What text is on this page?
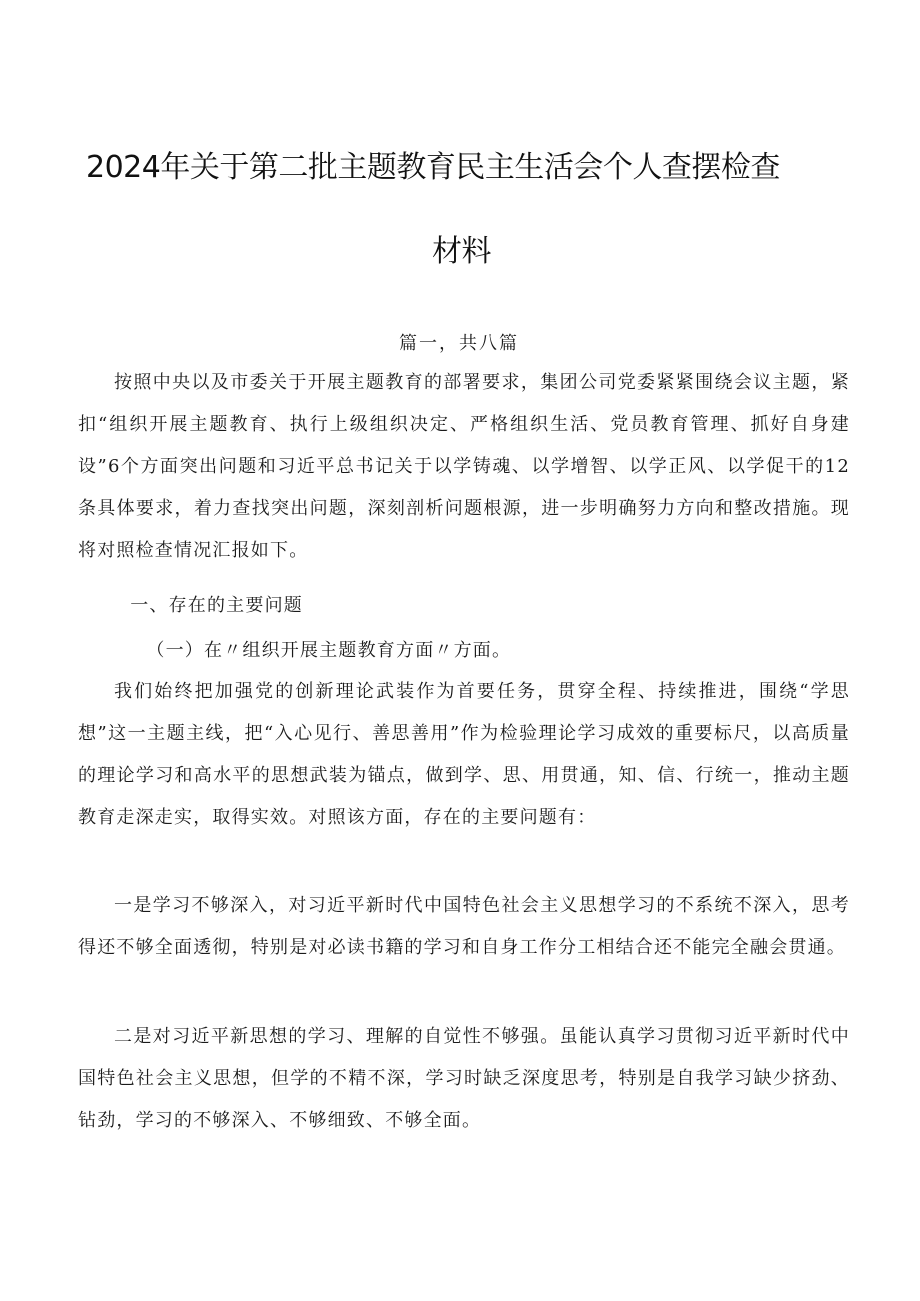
2024年关于第二批主题教育民主生活会个人查摆检查
材料
篇一，共八篇

按照中央以及市委关于开展主题教育的部署要求，集团公司党委紧紧围绕会议主题，紧扣“组织开展主题教育、执行上级组织决定、严格组织生活、党员教育管理、抓好自身建设”6个方面突出问题和习近平总书记关于以学铸魂、以学增智、以学正风、以学促干的12条具体要求，着力查找突出问题，深刻剖析问题根源，进一步明确努力方向和整改措施。现将对照检查情况汇报如下。

一、存在的主要问题

（一）在〃组织开展主题教育方面〃方面。

我们始终把加强党的创新理论武装作为首要任务，贯穿全程、持续推进，围绕“学思想”这一主题主线，把“入心见行、善思善用”作为检验理论学习成效的重要标尺，以高质量的理论学习和高水平的思想武装为锚点，做到学、思、用贯通，知、信、行统一，推动主题教育走深走实，取得实效。对照该方面，存在的主要问题有：

一是学习不够深入，对习近平新时代中国特色社会主义思想学习的不系统不深入，思考得还不够全面透彻，特别是对必读书籍的学习和自身工作分工相结合还不能完全融会贯通。

二是对习近平新思想的学习、理解的自觉性不够强。虽能认真学习贯彻习近平新时代中国特色社会主义思想，但学的不精不深，学习时缺乏深度思考，特别是自我学习缺少挤劲、钻劲，学习的不够深入、不够细致、不够全面。
